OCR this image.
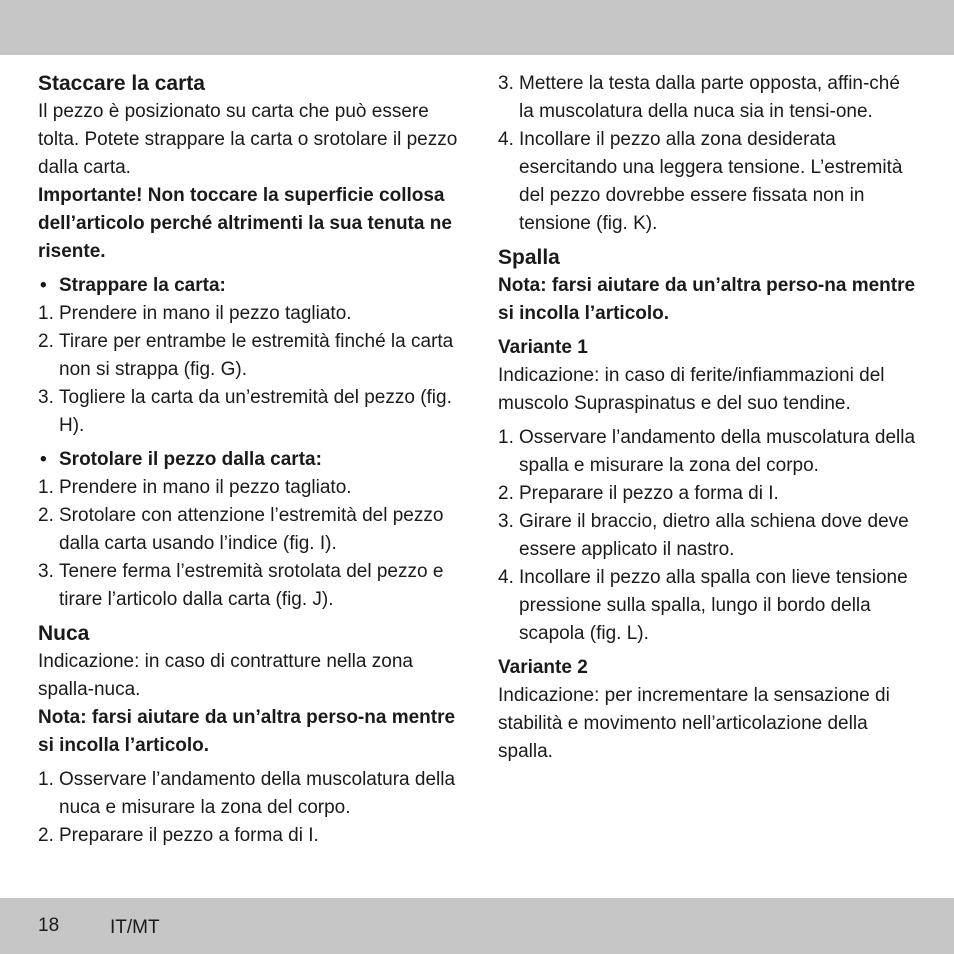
Staccare la carta

Il pezzo è posizionato su carta che può essere tolta. Potete strappare la carta o srotolare il pezzo dalla carta.

Importante! Non toccare la superficie collosa dell’articolo perché altrimenti la sua tenuta ne risente.

• Strappare la carta:
1. Prendere in mano il pezzo tagliato.
2. Tirare per entrambe le estremità finché la carta non si strappa (fig. G).
3. Togliere la carta da un’estremità del pezzo (fig. H).
• Srotolare il pezzo dalla carta:
1. Prendere in mano il pezzo tagliato.
2. Srotolare con attenzione l’estremità del pezzo dalla carta usando l’indice (fig. I).
3. Tenere ferma l’estremità srotolata del pezzo e tirare l’articolo dalla carta (fig. J).

Nuca

Indicazione: in caso di contratture nella zona spalla-nuca.

Nota: farsi aiutare da un’altra perso-na mentre si incolla l’articolo.

1. Osservare l’andamento della muscolatura della nuca e misurare la zona del corpo.
2. Preparare il pezzo a forma di I.
3. Mettere la testa dalla parte opposta, affin-ché la muscolatura della nuca sia in tensi-one.
4. Incollare il pezzo alla zona desiderata esercitando una leggera tensione. L’estremità del pezzo dovrebbe essere fissata non in tensione (fig. K).

Spalla

Nota: farsi aiutare da un’altra perso-na mentre si incolla l’articolo.

Variante 1

Indicazione: in caso di ferite/infiammazioni del muscolo Supraspinatus e del suo tendine.

1. Osservare l’andamento della muscolatura della spalla e misurare la zona del corpo.
2. Preparare il pezzo a forma di I.
3. Girare il braccio, dietro alla schiena dove deve essere applicato il nastro.
4. Incollare il pezzo alla spalla con lieve tensione pressione sulla spalla, lungo il bordo della scapola (fig. L).

Variante 2

Indicazione: per incrementare la sensazione di stabilità e movimento nell’articolazione della spalla.

18	IT/MT
